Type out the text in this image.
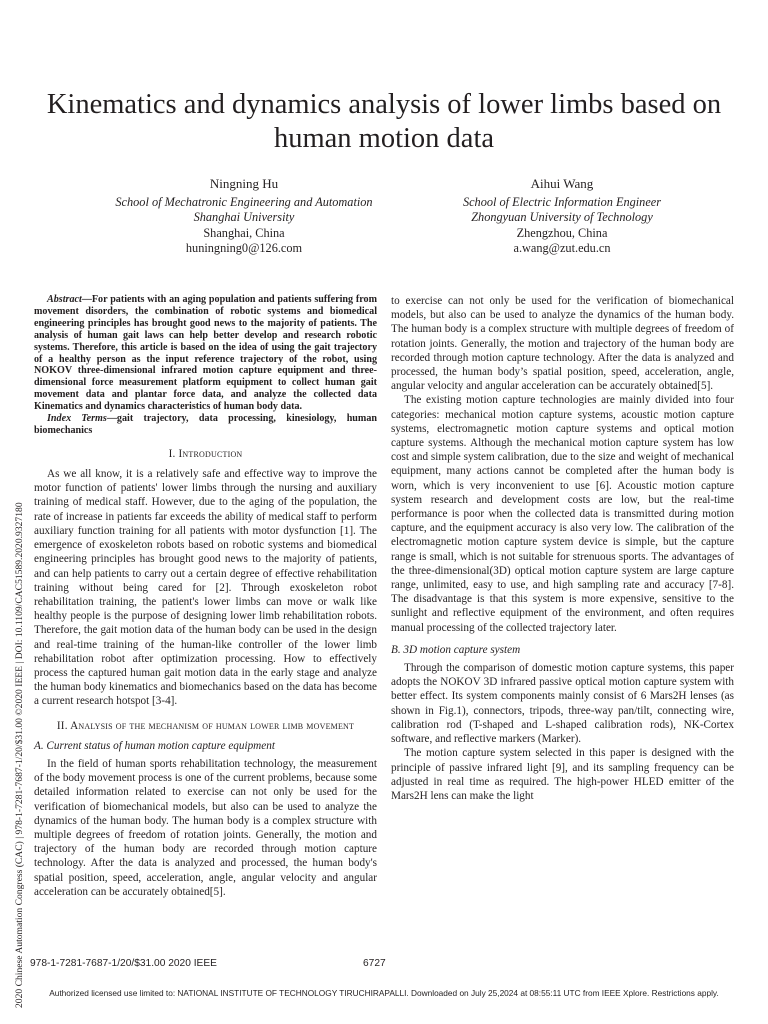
Kinematics and dynamics analysis of lower limbs based on human motion data
Ningning Hu
School of Mechatronic Engineering and Automation
Shanghai University
Shanghai, China
huningning0@126.com
Aihui Wang
School of Electric Information Engineer
Zhongyuan University of Technology
Zhengzhou, China
a.wang@zut.edu.cn
2020 Chinese Automation Congress (CAC) | 978-1-7281-7687-1/20/$31.00 ©2020 IEEE | DOI: 10.1109/CAC51589.2020.9327180

Abstract—For patients with an aging population and patients suffering from movement disorders, the combination of robotic systems and biomedical engineering principles has brought good news to the majority of patients. The analysis of human gait laws can help better develop and research robotic systems. Therefore, this article is based on the idea of using the gait trajectory of a healthy person as the input reference trajectory of the robot, using NOKOV three-dimensional infrared motion capture equipment and three-dimensional force measurement platform equipment to collect human gait movement data and plantar force data, and analyze the collected data Kinematics and dynamics characteristics of human body data.

Index Terms—gait trajectory, data processing, kinesiology, human biomechanics

I. Introduction

As we all know, it is a relatively safe and effective way to improve the motor function of patients' lower limbs through the nursing and auxiliary training of medical staff. However, due to the aging of the population, the rate of increase in patients far exceeds the ability of medical staff to perform auxiliary function training for all patients with motor dysfunction [1]. The emergence of exoskeleton robots based on robotic systems and biomedical engineering principles has brought good news to the majority of patients, and can help patients to carry out a certain degree of effective rehabilitation training without being cared for [2]. Through exoskeleton robot rehabilitation training, the patient's lower limbs can move or walk like healthy people is the purpose of designing lower limb rehabilitation robots. Therefore, the gait motion data of the human body can be used in the design and real-time training of the human-like controller of the lower limb rehabilitation robot after optimization processing. How to effectively process the captured human gait motion data in the early stage and analyze the human body kinematics and biomechanics based on the data has become a current research hotspot [3-4].

II. Analysis of the mechanism of human lower limb movement
A. Current status of human motion capture equipment

In the field of human sports rehabilitation technology, the measurement of the body movement process is one of the current problems, because some detailed information related to exercise can not only be used for the verification of biomechanical models, but also can be used to analyze the dynamics of the human body. The human body is a complex structure with multiple degrees of freedom of rotation joints. Generally, the motion and trajectory of the human body are recorded through motion capture technology. After the data is analyzed and processed, the human body's spatial position, speed, acceleration, angle, angular velocity and angular acceleration can be accurately obtained[5].

to exercise can not only be used for the verification of biomechanical models, but also can be used to analyze the dynamics of the human body. The human body is a complex structure with multiple degrees of freedom of rotation joints. Generally, the motion and trajectory of the human body are recorded through motion capture technology. After the data is analyzed and processed, the human body’s spatial position, speed, acceleration, angle, angular velocity and angular acceleration can be accurately obtained[5].

The existing motion capture technologies are mainly divided into four categories: mechanical motion capture systems, acoustic motion capture systems, electromagnetic motion capture systems and optical motion capture systems. Although the mechanical motion capture system has low cost and simple system calibration, due to the size and weight of mechanical equipment, many actions cannot be completed after the human body is worn, which is very inconvenient to use [6]. Acoustic motion capture system research and development costs are low, but the real-time performance is poor when the collected data is transmitted during motion capture, and the equipment accuracy is also very low. The calibration of the electromagnetic motion capture system device is simple, but the capture range is small, which is not suitable for strenuous sports. The advantages of the three-dimensional(3D) optical motion capture system are large capture range, unlimited, easy to use, and high sampling rate and accuracy [7-8]. The disadvantage is that this system is more expensive, sensitive to the sunlight and reflective equipment of the environment, and often requires manual processing of the collected trajectory later.

B. 3D motion capture system

Through the comparison of domestic motion capture systems, this paper adopts the NOKOV 3D infrared passive optical motion capture system with better effect. Its system components mainly consist of 6 Mars2H lenses (as shown in Fig.1), connectors, tripods, three-way pan/tilt, connecting wire, calibration rod (T-shaped and L-shaped calibration rods), NK-Cortex software, and reflective markers (Marker).

The motion capture system selected in this paper is designed with the principle of passive infrared light [9], and its sampling frequency can be adjusted in real time as required. The high-power HLED emitter of the Mars2H lens can make the light

978-1-7281-7687-1/20/$31.00 2020 IEEE	6727
Authorized licensed use limited to: NATIONAL INSTITUTE OF TECHNOLOGY TIRUCHIRAPALLI. Downloaded on July 25,2024 at 08:55:11 UTC from IEEE Xplore. Restrictions apply.
